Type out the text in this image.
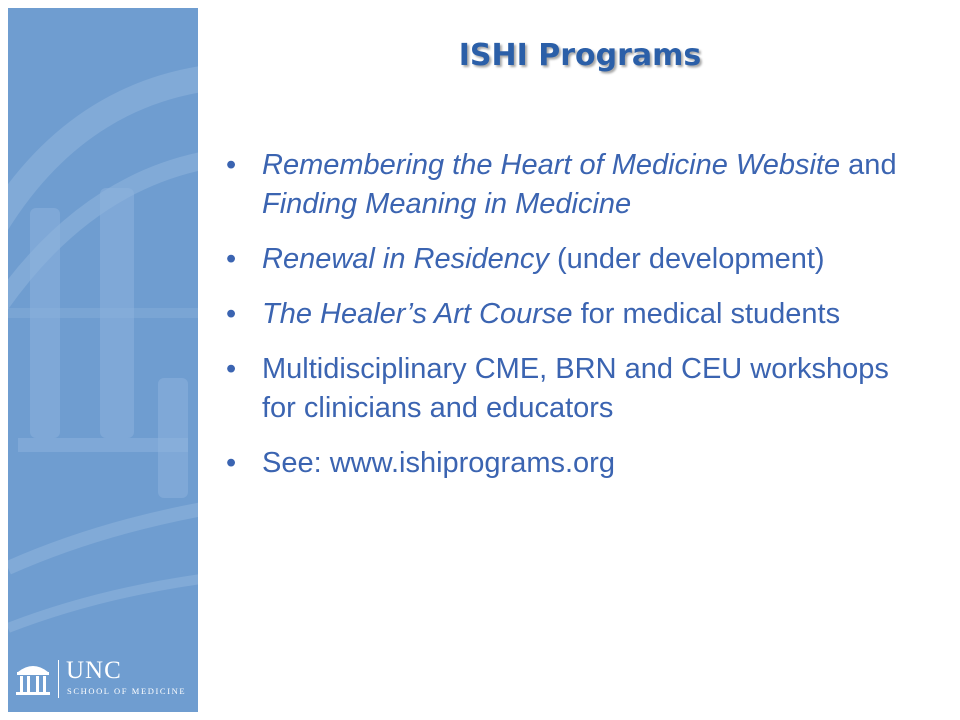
UNC
SCHOOL OF MEDICINE
ISHI Programs
• Remembering the Heart of Medicine Website and Finding Meaning in Medicine
• Renewal in Residency (under development)
• The Healer’s Art Course for medical students
• Multidisciplinary CME, BRN and CEU workshops for clinicians and educators
• See: www.ishiprograms.org
